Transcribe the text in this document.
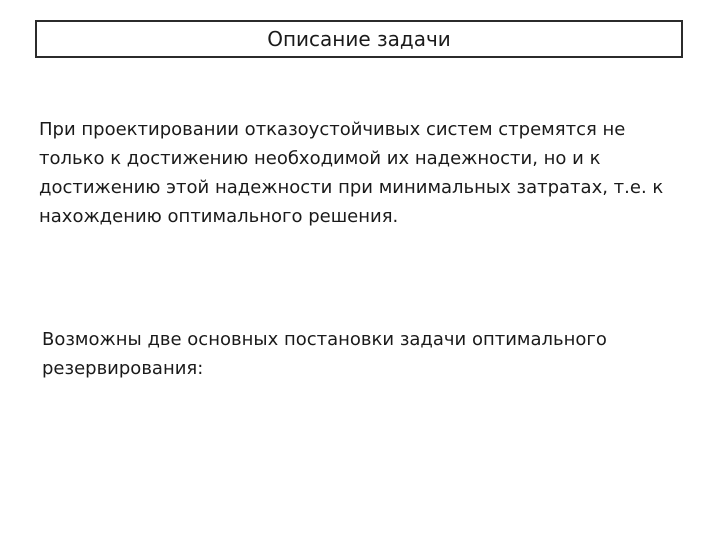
Описание задачи

При проектировании отказоустойчивых систем стремятся не только к достижению необходимой их надежности, но и к достижению этой надежности при минимальных затратах, т.е. к нахождению оптимального решения.

Возможны две основных постановки задачи оптимального резервирования:
